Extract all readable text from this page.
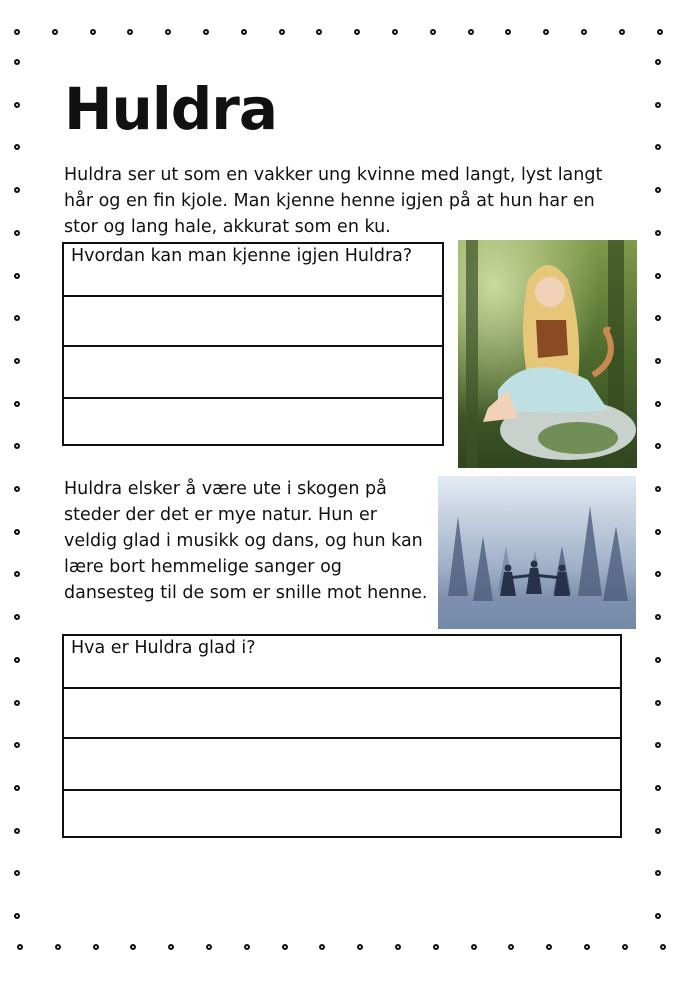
Huldra
Huldra ser ut som en vakker ung kvinne med langt, lyst langt
hår og en fin kjole. Man kjenne henne igjen på at hun har en
stor og lang hale, akkurat som en ku.
Hvordan kan man kjenne igjen Huldra?
Huldra elsker å være ute i skogen på
steder der det er mye natur. Hun er
veldig glad i musikk og dans, og hun kan
lære bort hemmelige sanger og
dansesteg til de som er snille mot henne.
Hva er Huldra glad i?
